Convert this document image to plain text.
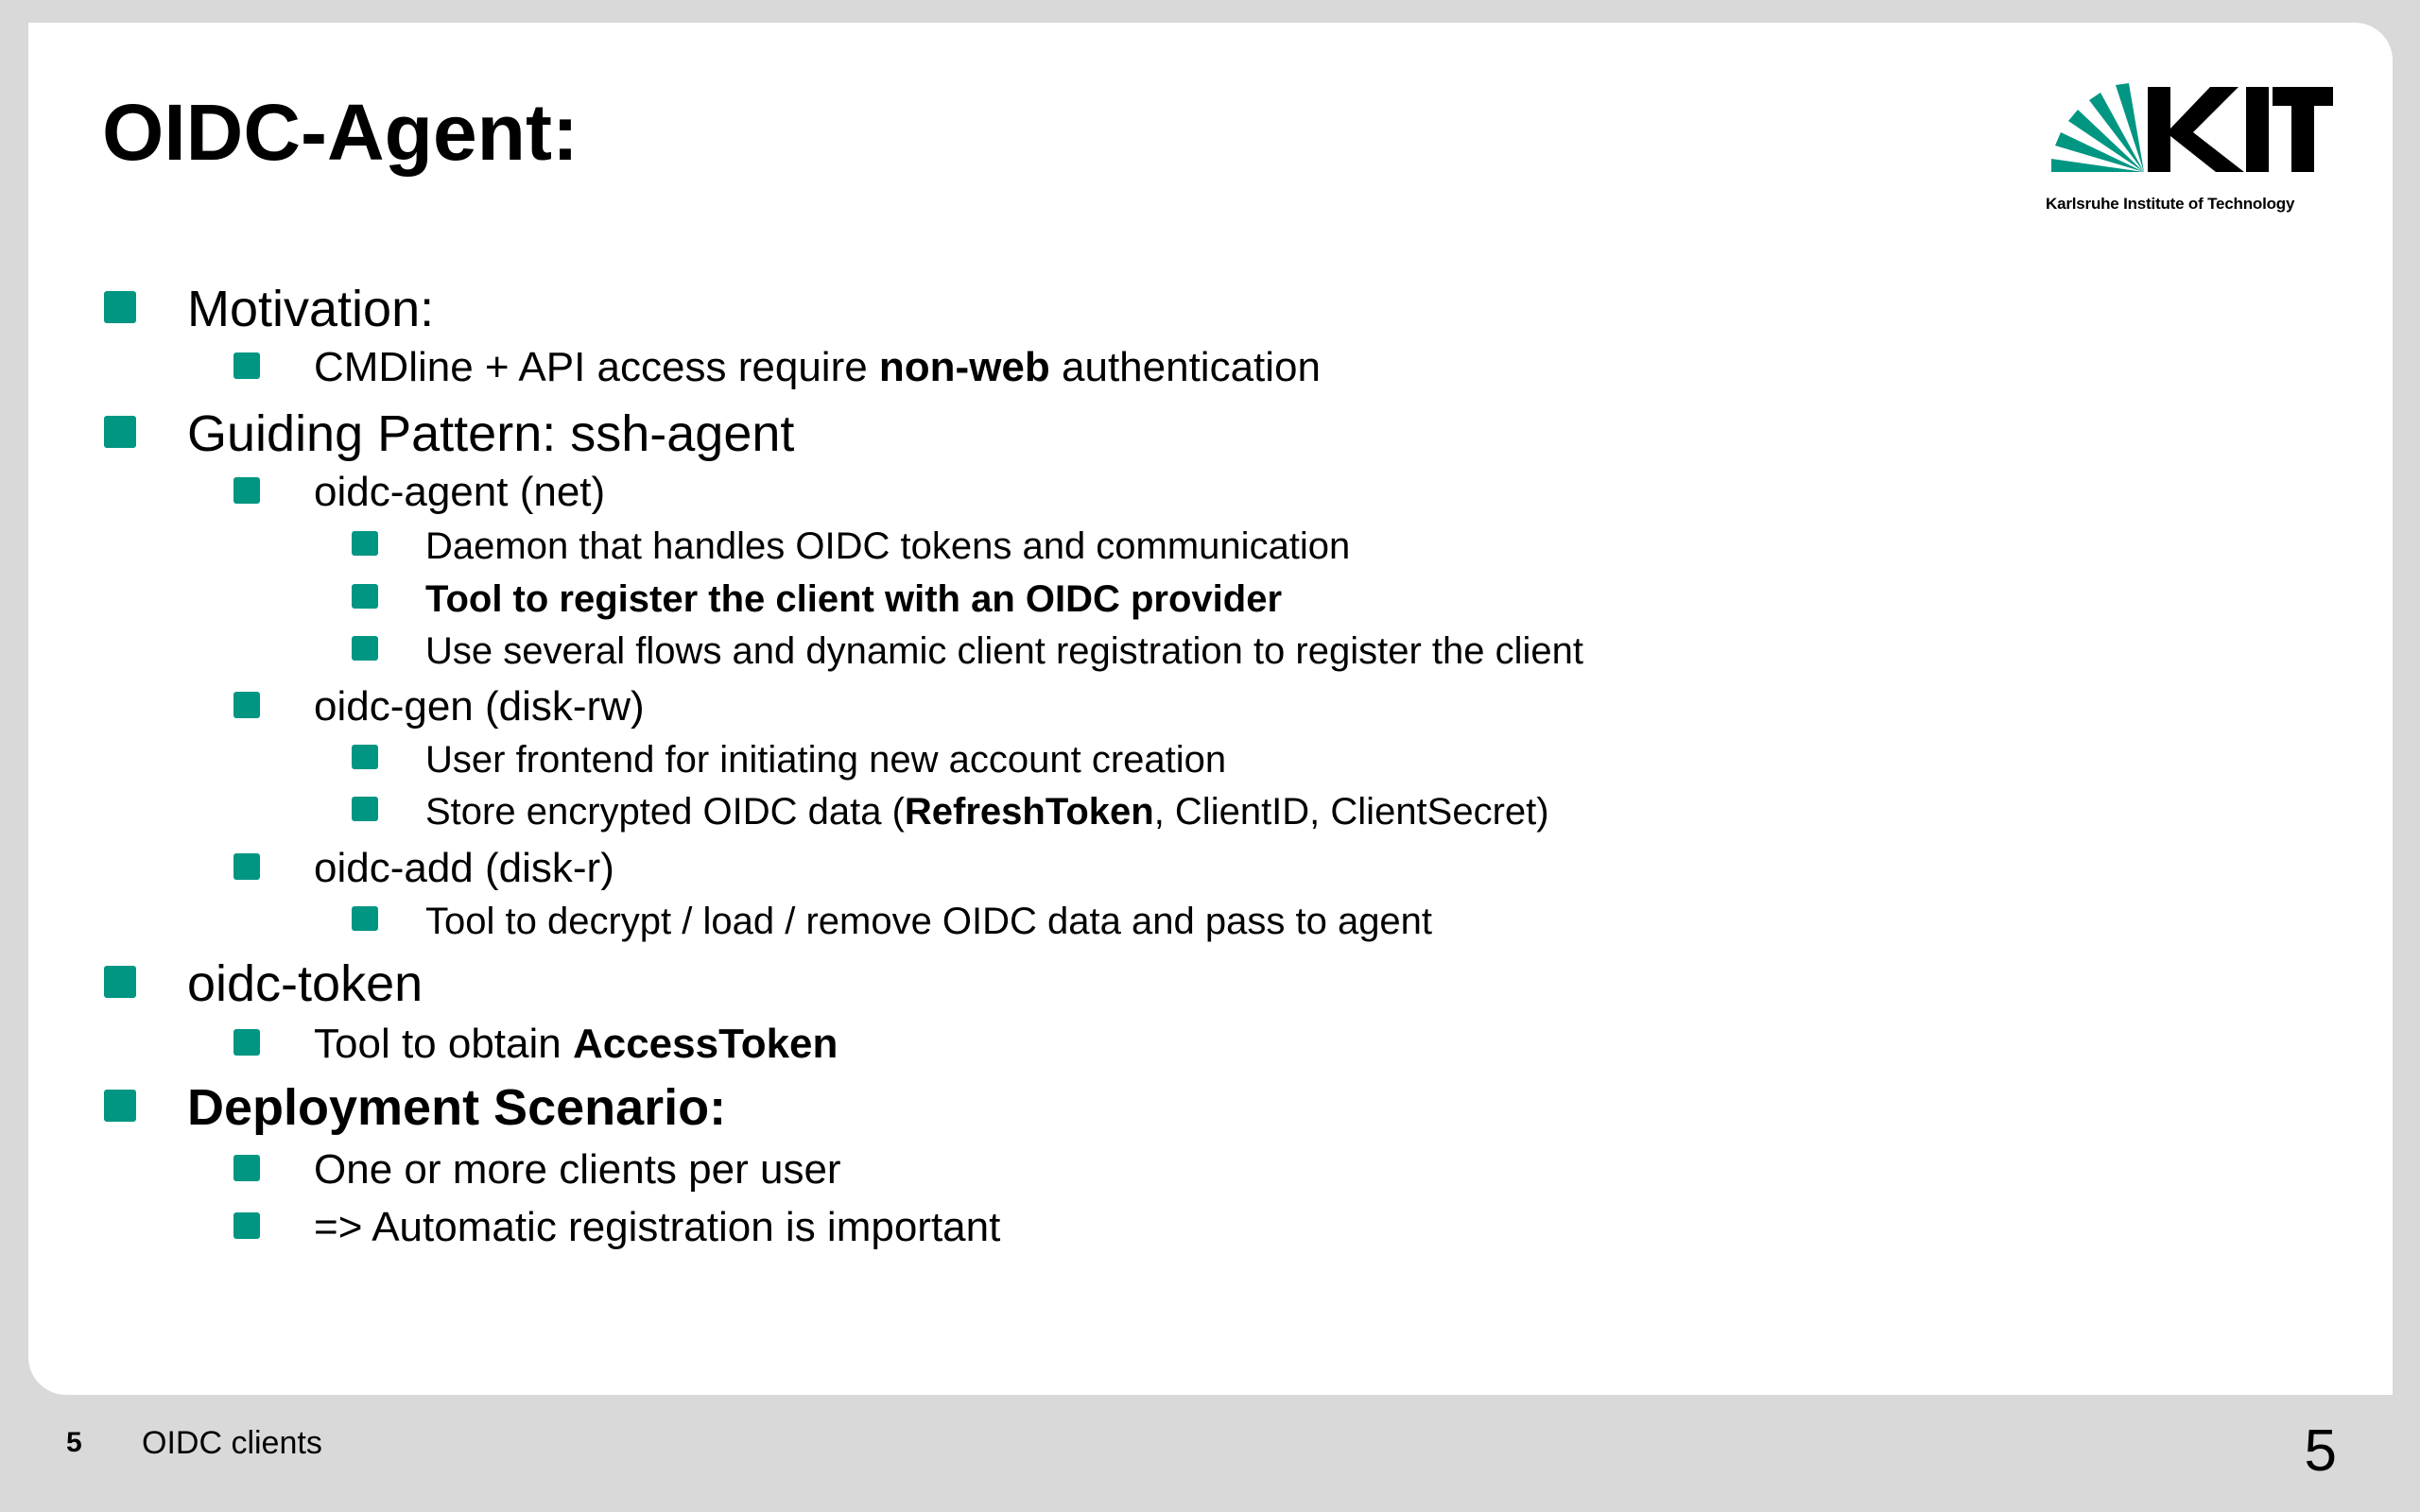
OIDC-Agent:
Karlsruhe Institute of Technology
Motivation:
CMDline + API access require non-web authentication
Guiding Pattern: ssh-agent
oidc-agent (net)
Daemon that handles OIDC tokens and communication
Tool to register the client with an OIDC provider
Use several flows and dynamic client registration to register the client
oidc-gen (disk-rw)
User frontend for initiating new account creation
Store encrypted OIDC data (RefreshToken, ClientID, ClientSecret)
oidc-add (disk-r)
Tool to decrypt / load / remove OIDC data and pass to agent
oidc-token
Tool to obtain AccessToken
Deployment Scenario:
One or more clients per user
=> Automatic registration is important
5 OIDC clients	5
